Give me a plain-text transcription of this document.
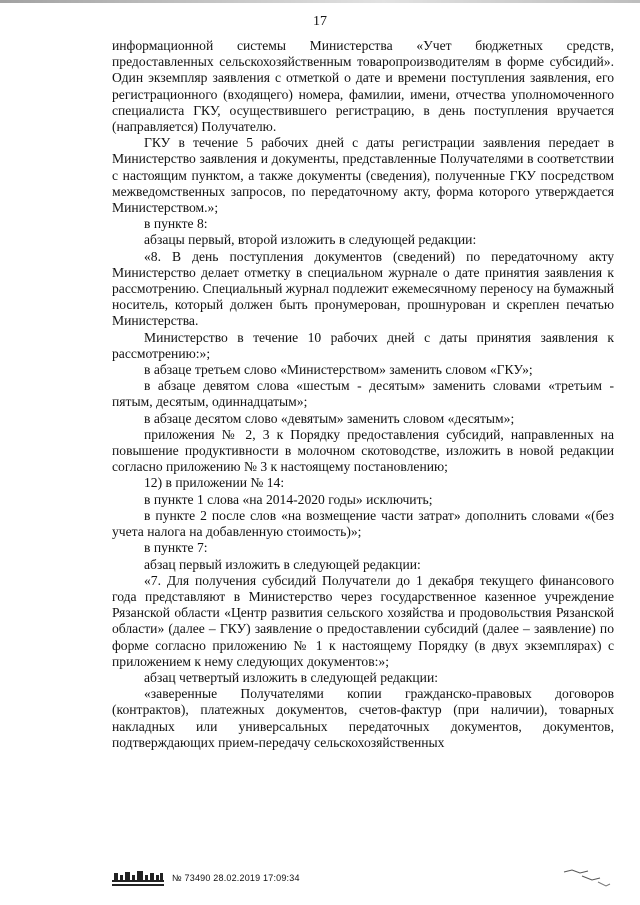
17

информационной системы Министерства «Учет бюджетных средств, предоставленных сельскохозяйственным товаропроизводителям в форме субсидий». Один экземпляр заявления с отметкой о дате и времени поступления заявления, его регистрационного (входящего) номера, фамилии, имени, отчества уполномоченного специалиста ГКУ, осуществившего регистрацию, в день поступления вручается (направляется) Получателю.

ГКУ в течение 5 рабочих дней с даты регистрации заявления передает в Министерство заявления и документы, представленные Получателями в соответствии с настоящим пунктом, а также документы (сведения), полученные ГКУ посредством межведомственных запросов, по передаточному акту, форма которого утверждается Министерством.»;

в пункте 8:

абзацы первый, второй изложить в следующей редакции:

«8. В день поступления документов (сведений) по передаточному акту Министерство делает отметку в специальном журнале о дате принятия заявления к рассмотрению. Специальный журнал подлежит ежемесячному переносу на бумажный носитель, который должен быть пронумерован, прошнурован и скреплен печатью Министерства.

Министерство в течение 10 рабочих дней с даты принятия заявления к рассмотрению:»;

в абзаце третьем слово «Министерством» заменить словом «ГКУ»;

в абзаце девятом слова «шестым - десятым» заменить словами «третьим - пятым, десятым, одиннадцатым»;

в абзаце десятом слово «девятым» заменить словом «десятым»;

приложения № 2, 3 к Порядку предоставления субсидий, направленных на повышение продуктивности в молочном скотоводстве, изложить в новой редакции согласно приложению № 3 к настоящему постановлению;

12) в приложении № 14:

в пункте 1 слова «на 2014-2020 годы» исключить;

в пункте 2 после слов «на возмещение части затрат» дополнить словами «(без учета налога на добавленную стоимость)»;

в пункте 7:

абзац первый изложить в следующей редакции:

«7. Для получения субсидий Получатели до 1 декабря текущего финансового года представляют в Министерство через государственное казенное учреждение Рязанской области «Центр развития сельского хозяйства и продовольствия Рязанской области» (далее – ГКУ) заявление о предоставлении субсидий (далее – заявление) по форме согласно приложению № 1 к настоящему Порядку (в двух экземплярах) с приложением к нему следующих документов:»;

абзац четвертый изложить в следующей редакции:

«заверенные Получателями копии гражданско-правовых договоров (контрактов), платежных документов, счетов-фактур (при наличии), товарных накладных или универсальных передаточных документов, документов, подтверждающих прием-передачу сельскохозяйственных

№ 73490 28.02.2019 17:09:34
